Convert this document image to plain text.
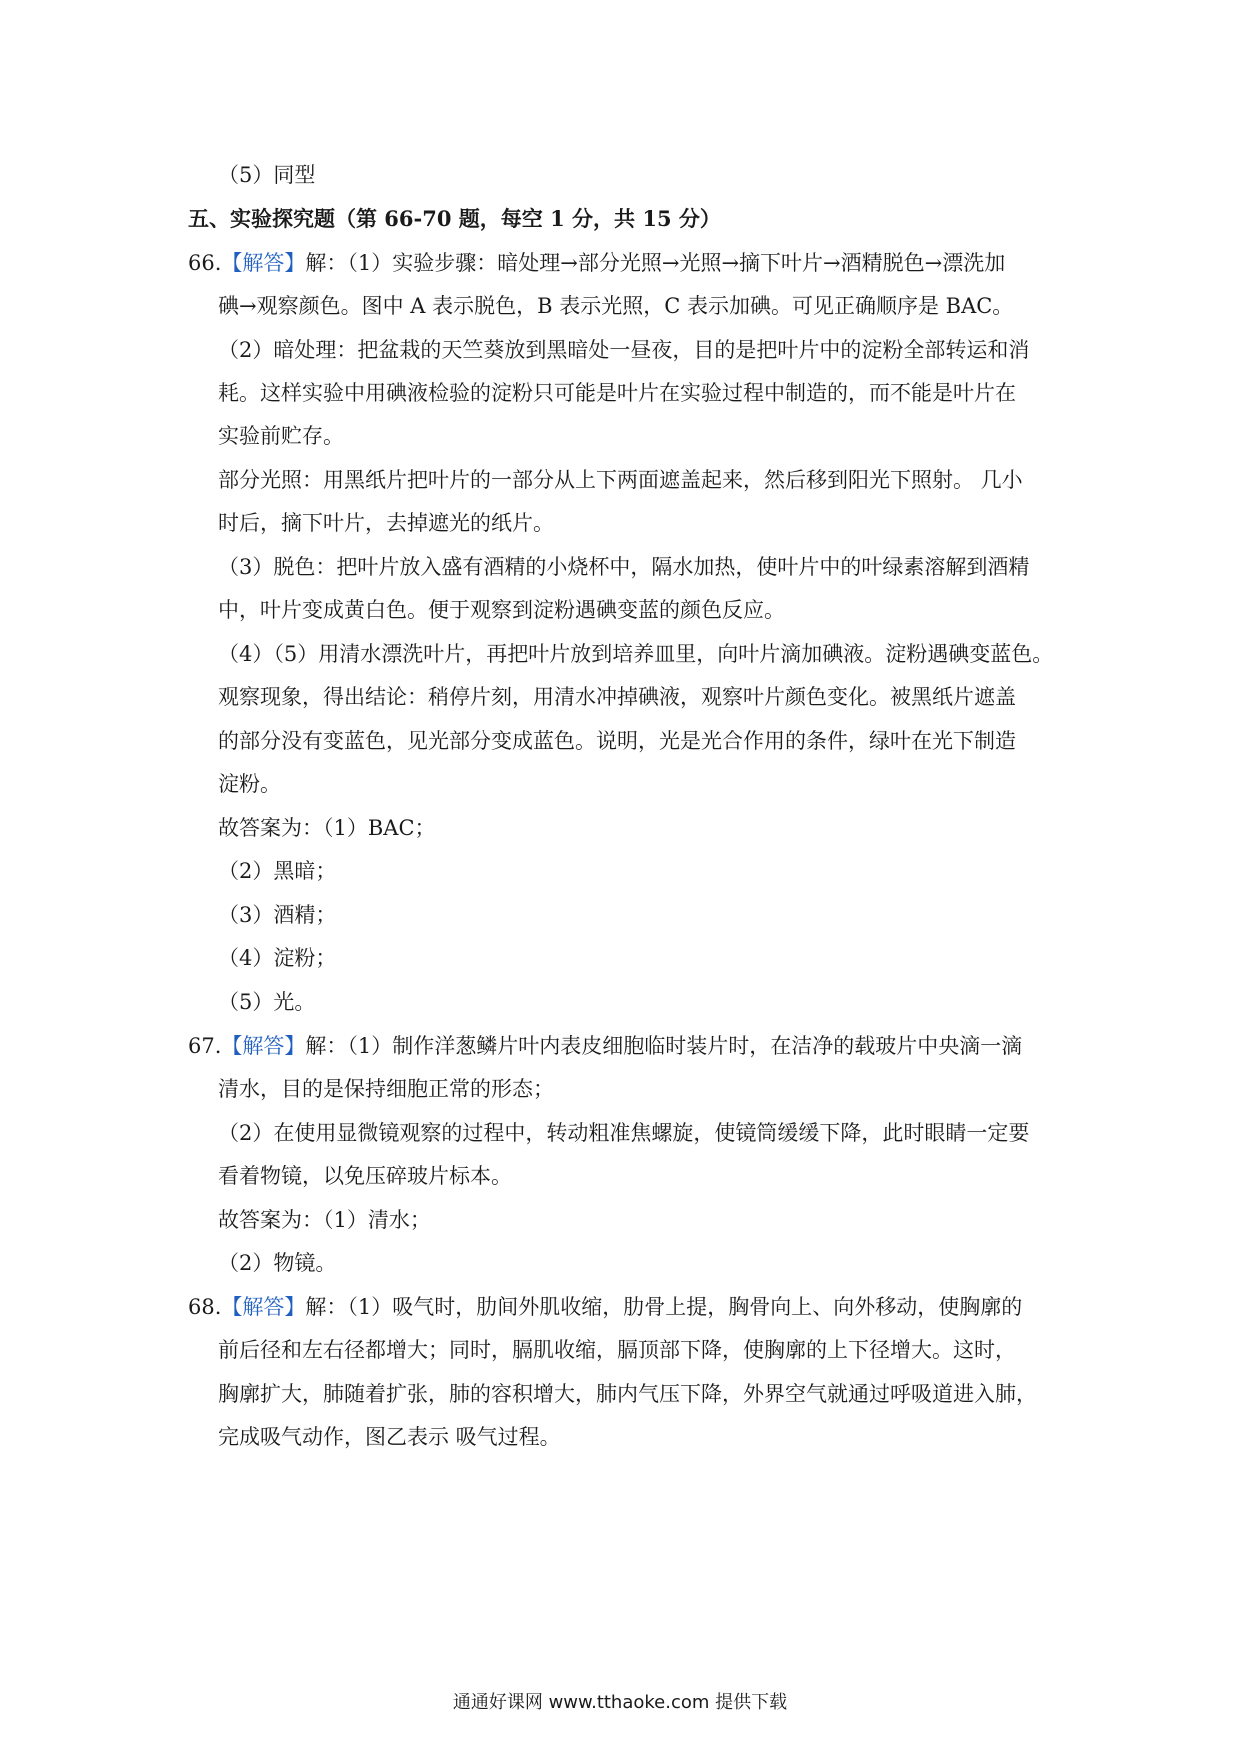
（5）同型
五、实验探究题（第 66-70 题，每空 1 分，共 15 分）
66.【解答】解：（1）实验步骤：暗处理→部分光照→光照→摘下叶片→酒精脱色→漂洗加
碘→观察颜色。图中 A 表示脱色，B 表示光照，C 表示加碘。可见正确顺序是 BAC。
（2）暗处理：把盆栽的天竺葵放到黑暗处一昼夜，目的是把叶片中的淀粉全部转运和消
耗。这样实验中用碘液检验的淀粉只可能是叶片在实验过程中制造的，而不能是叶片在
实验前贮存。
部分光照：用黑纸片把叶片的一部分从上下两面遮盖起来，然后移到阳光下照射。 几小
时后，摘下叶片，去掉遮光的纸片。
（3）脱色：把叶片放入盛有酒精的小烧杯中，隔水加热，使叶片中的叶绿素溶解到酒精
中，叶片变成黄白色。便于观察到淀粉遇碘变蓝的颜色反应。
（4）（5）用清水漂洗叶片，再把叶片放到培养皿里，向叶片滴加碘液。淀粉遇碘变蓝色。
观察现象，得出结论：稍停片刻，用清水冲掉碘液，观察叶片颜色变化。被黑纸片遮盖
的部分没有变蓝色，见光部分变成蓝色。说明，光是光合作用的条件，绿叶在光下制造
淀粉。
故答案为：（1）BAC；
（2）黑暗；
（3）酒精；
（4）淀粉；
（5）光。
67.【解答】解：（1）制作洋葱鳞片叶内表皮细胞临时装片时，在洁净的载玻片中央滴一滴
清水，目的是保持细胞正常的形态；
（2）在使用显微镜观察的过程中，转动粗准焦螺旋，使镜筒缓缓下降，此时眼睛一定要
看着物镜，以免压碎玻片标本。
故答案为：（1）清水；
（2）物镜。
68.【解答】解：（1）吸气时，肋间外肌收缩，肋骨上提，胸骨向上、向外移动，使胸廓的
前后径和左右径都增大；同时，膈肌收缩，膈顶部下降，使胸廓的上下径增大。这时，
胸廓扩大，肺随着扩张，肺的容积增大，肺内气压下降，外界空气就通过呼吸道进入肺，
完成吸气动作，图乙表示 吸气过程。
通通好课网 www.tthaoke.com 提供下载
